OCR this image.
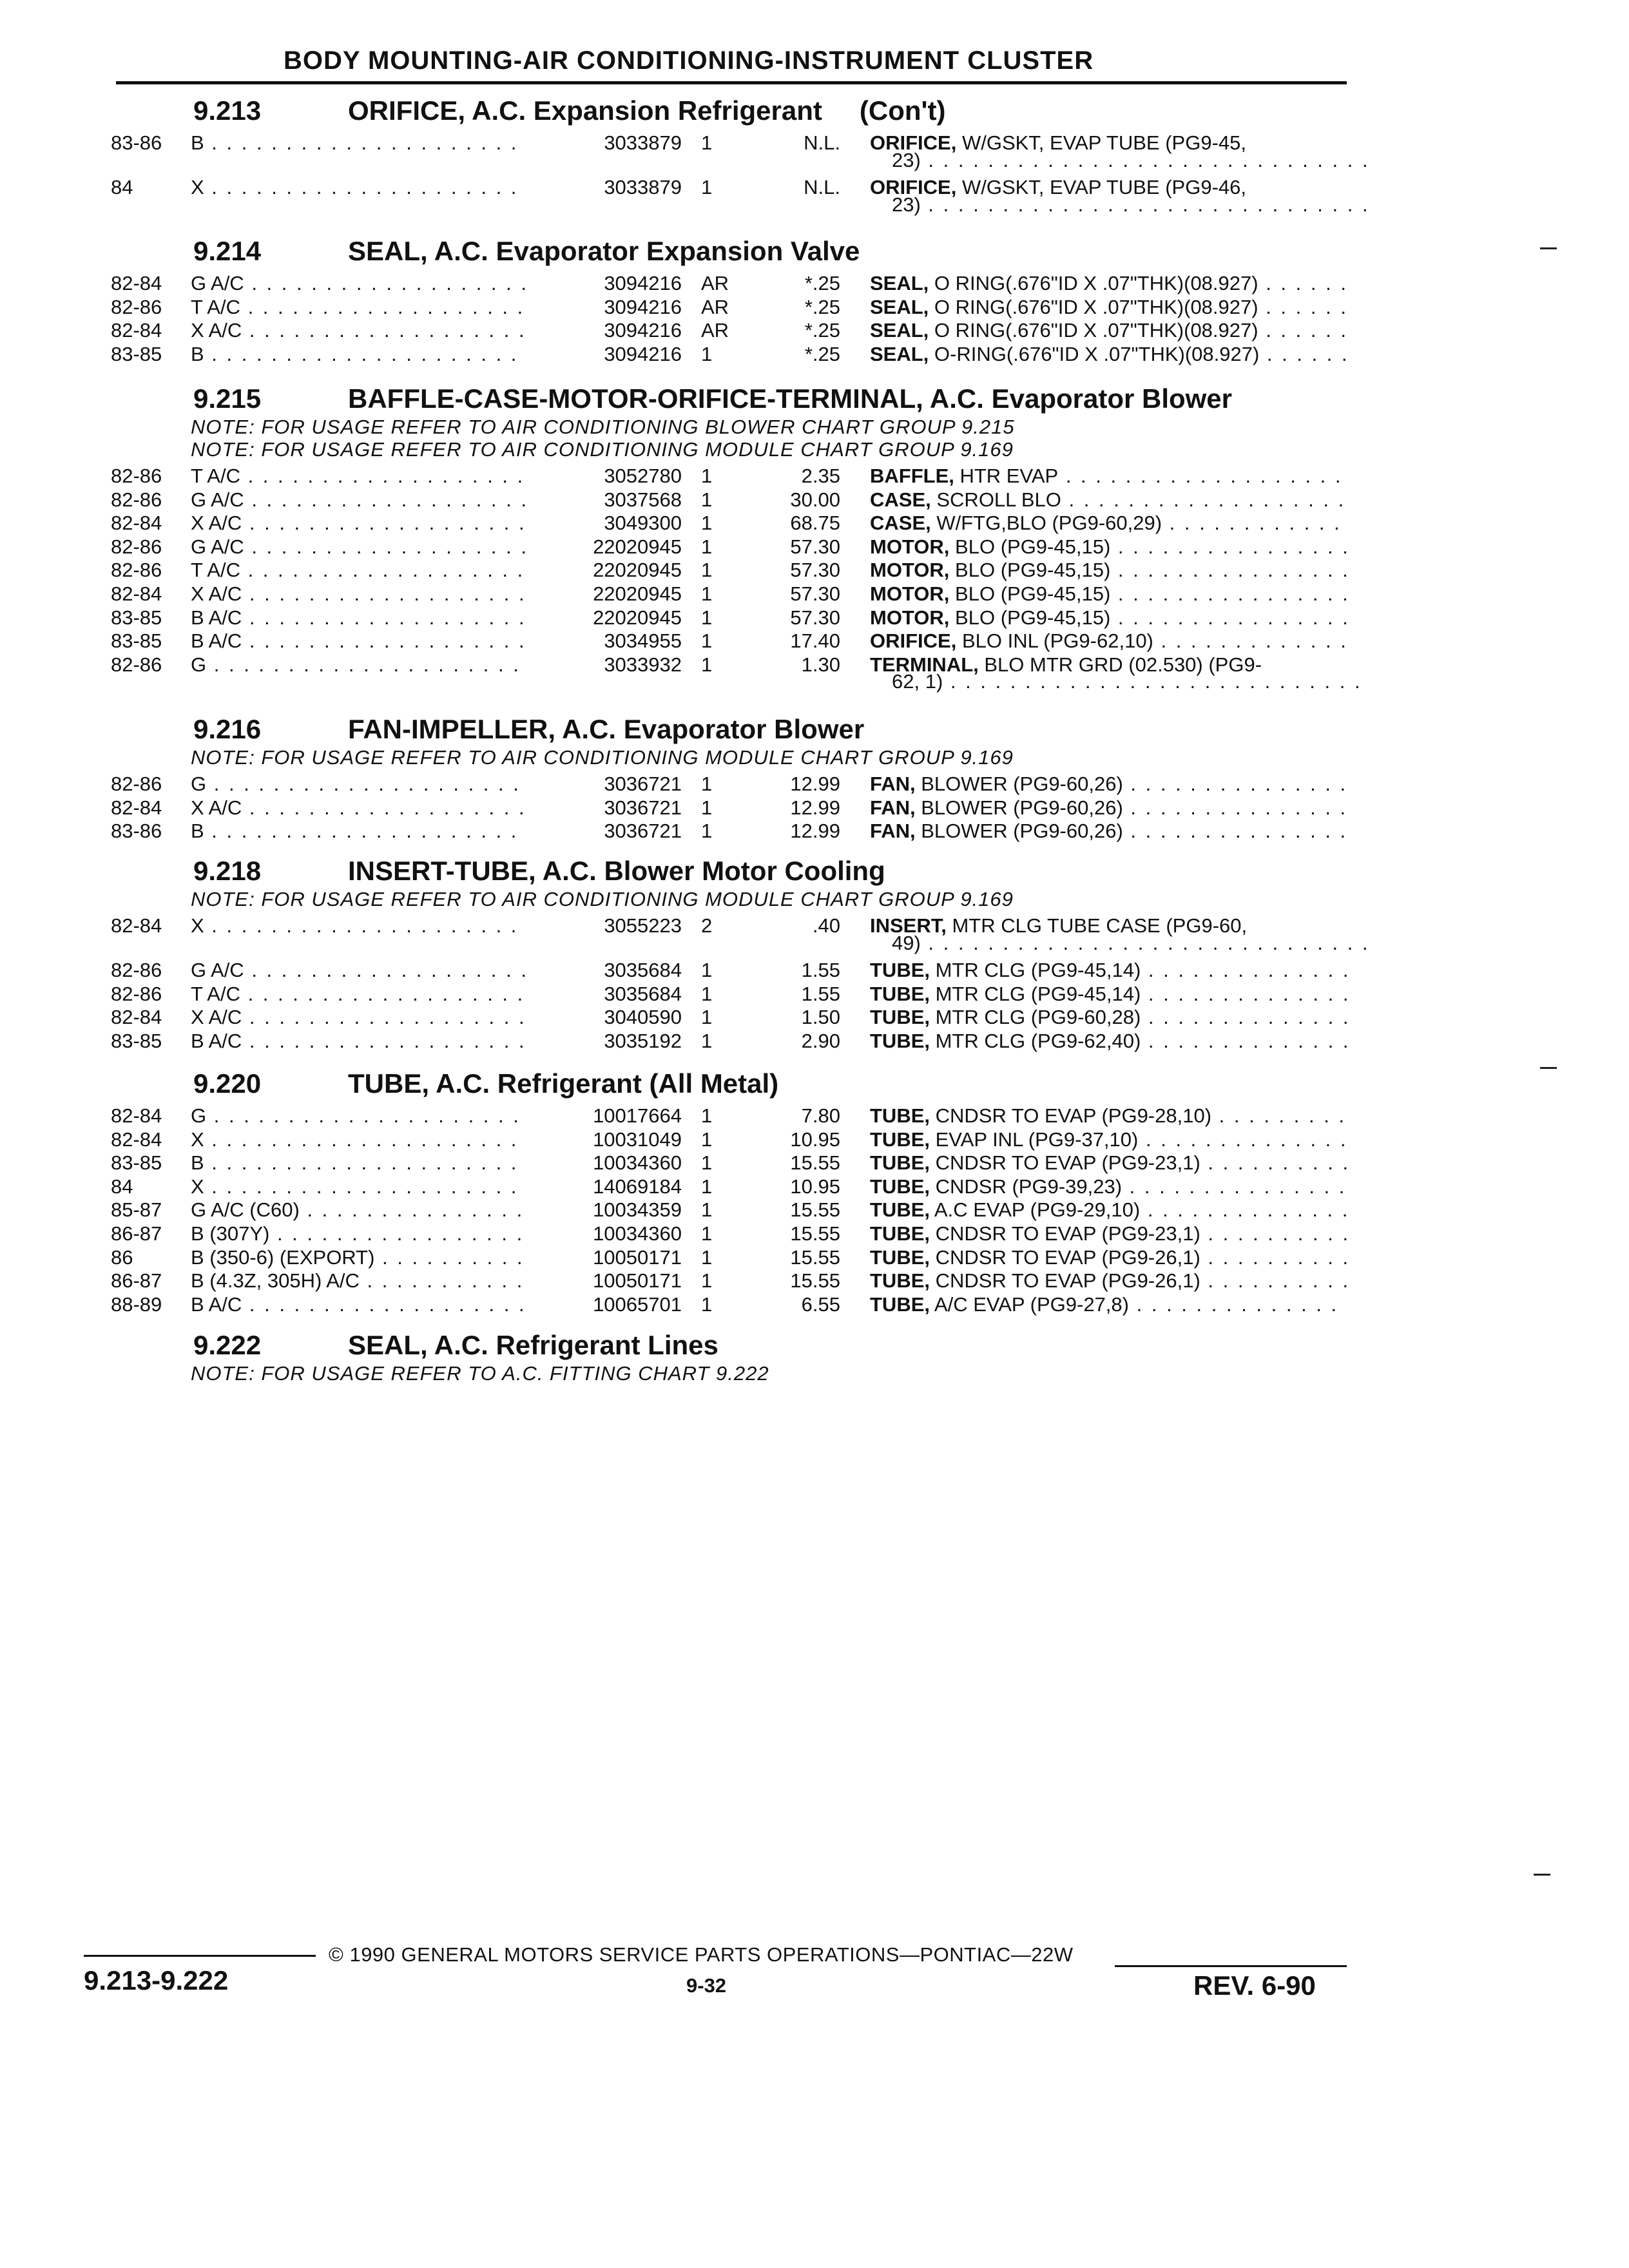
BODY MOUNTING-AIR CONDITIONING-INSTRUMENT CLUSTER
9.213	ORIFICE, A.C. Expansion Refrigerant (Con't)
83-86 B . . .	3033879 1	N.L. ORIFICE, W/GSKT, EVAP TUBE (PG9-45,
23) . . .
84	X . . .	3033879 1	N.L. ORIFICE, W/GSKT, EVAP TUBE (PG9-46,
23) . . .
9.214	SEAL, A.C. Evaporator Expansion Valve
82-84 G A/C . . .	3094216 AR	*.25 SEAL, O RING(.676"ID X .07"THK)(08.927) . . .
82-86 T A/C . . .	3094216 AR	*.25 SEAL, O RING(.676"ID X .07"THK)(08.927) . . .
82-84 X A/C . . .	3094216 AR	*.25 SEAL, O RING(.676"ID X .07"THK)(08.927) . . .
83-85 B . . .	3094216 1	*.25 SEAL, O-RING(.676"ID X .07"THK)(08.927) . . .
9.215	BAFFLE-CASE-MOTOR-ORIFICE-TERMINAL, A.C. Evaporator Blower
NOTE: FOR USAGE REFER TO AIR CONDITIONING BLOWER CHART GROUP 9.215
NOTE: FOR USAGE REFER TO AIR CONDITIONING MODULE CHART GROUP 9.169
82-86 T A/C . . .	3052780 1	2.35 BAFFLE, HTR EVAP . . .
82-86 G A/C . . .	3037568 1	30.00 CASE, SCROLL BLO . . .
82-84 X A/C . . .	3049300 1	68.75 CASE, W/FTG,BLO (PG9-60,29) . . .
82-86 G A/C . . .	22020945 1	57.30 MOTOR, BLO (PG9-45,15) . . .
82-86 T A/C . . .	22020945 1	57.30 MOTOR, BLO (PG9-45,15) . . .
82-84 X A/C . . .	22020945 1	57.30 MOTOR, BLO (PG9-45,15) . . .
83-85 B A/C . . .	22020945 1	57.30 MOTOR, BLO (PG9-45,15) . . .
83-85 B A/C . . .	3034955 1	17.40 ORIFICE, BLO INL (PG9-62,10) . . .
82-86 G . . .	3033932 1	1.30 TERMINAL, BLO MTR GRD (02.530) (PG9-
62, 1) . . .
9.216	FAN-IMPELLER, A.C. Evaporator Blower
NOTE: FOR USAGE REFER TO AIR CONDITIONING MODULE CHART GROUP 9.169
82-86 G . . .	3036721 1	12.99 FAN, BLOWER (PG9-60,26) . . .
82-84 X A/C . . .	3036721 1	12.99 FAN, BLOWER (PG9-60,26) . . .
83-86 B . . .	3036721 1	12.99 FAN, BLOWER (PG9-60,26) . . .
9.218	INSERT-TUBE, A.C. Blower Motor Cooling
NOTE: FOR USAGE REFER TO AIR CONDITIONING MODULE CHART GROUP 9.169
82-84 X . . .	3055223 2	.40 INSERT, MTR CLG TUBE CASE (PG9-60,
49) . . .
82-86 G A/C . . .	3035684 1	1.55 TUBE, MTR CLG (PG9-45,14) . . .
82-86 T A/C . . .	3035684 1	1.55 TUBE, MTR CLG (PG9-45,14) . . .
82-84 X A/C . . .	3040590 1	1.50 TUBE, MTR CLG (PG9-60,28) . . .
83-85 B A/C . . .	3035192 1	2.90 TUBE, MTR CLG (PG9-62,40) . . .
9.220	TUBE, A.C. Refrigerant (All Metal)
82-84 G . . .	10017664 1	7.80 TUBE, CNDSR TO EVAP (PG9-28,10) . . .
82-84 X . . .	10031049 1	10.95 TUBE, EVAP INL (PG9-37,10) . . .
83-85 B . . .	10034360 1	15.55 TUBE, CNDSR TO EVAP (PG9-23,1) . . .
84	X . . .	14069184 1	10.95 TUBE, CNDSR (PG9-39,23) . . .
85-87 G A/C (C60) . . .	10034359 1	15.55 TUBE, A.C EVAP (PG9-29,10) . . .
86-87 B (307Y) . . .	10034360 1	15.55 TUBE, CNDSR TO EVAP (PG9-23,1) . . .
86	B (350-6) (EXPORT) . . .	10050171 1	15.55 TUBE, CNDSR TO EVAP (PG9-26,1) . . .
86-87 B (4.3Z, 305H) A/C . . .	10050171 1	15.55 TUBE, CNDSR TO EVAP (PG9-26,1) . . .
88-89 B A/C . . .	10065701 1	6.55 TUBE, A/C EVAP (PG9-27,8) . . .
9.222	SEAL, A.C. Refrigerant Lines
NOTE: FOR USAGE REFER TO A.C. FITTING CHART 9.222
© 1990 GENERAL MOTORS SERVICE PARTS OPERATIONS—PONTIAC—22W
9.213-9.222	9-32	REV. 6-90
